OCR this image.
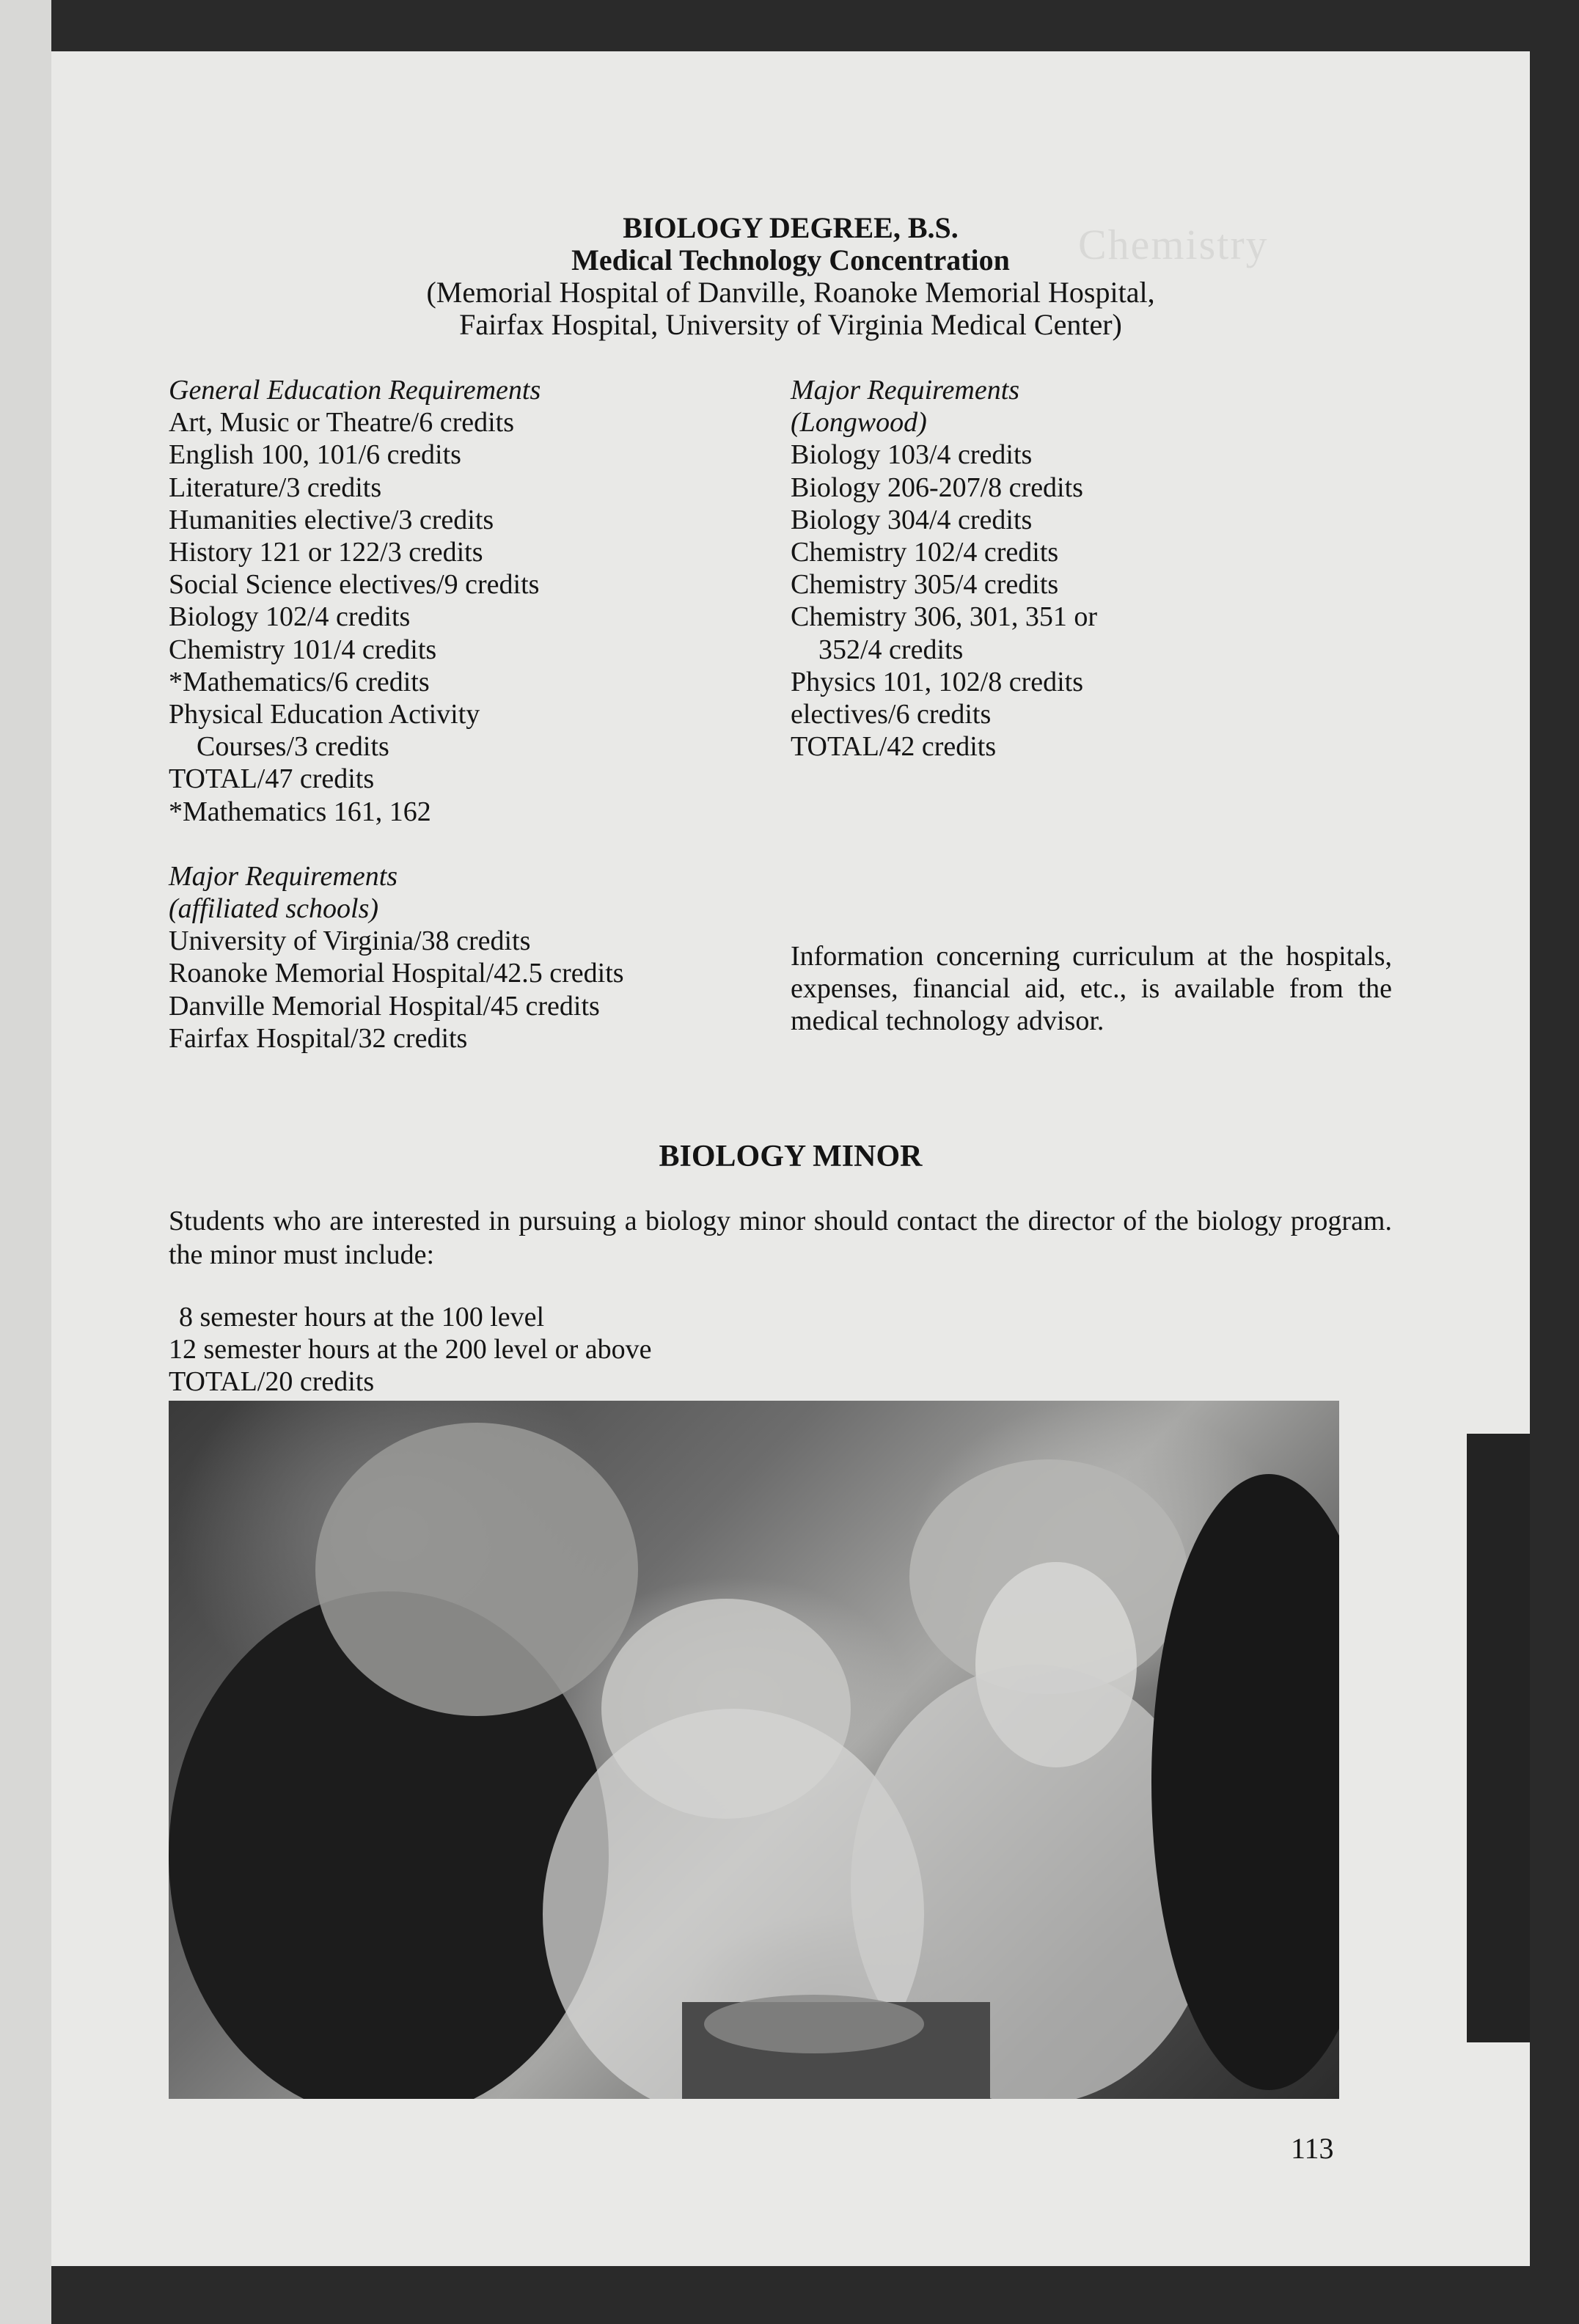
Chemistry
BIOLOGY DEGREE, B.S.
Medical Technology Concentration
(Memorial Hospital of Danville, Roanoke Memorial Hospital,
Fairfax Hospital, University of Virginia Medical Center)
General Education Requirements
Art, Music or Theatre/6 credits
English 100, 101/6 credits
Literature/3 credits
Humanities elective/3 credits
History 121 or 122/3 credits
Social Science electives/9 credits
Biology 102/4 credits
Chemistry 101/4 credits
*Mathematics/6 credits
Physical Education Activity
Courses/3 credits
TOTAL/47 credits
*Mathematics 161, 162
Major Requirements
(affiliated schools)
University of Virginia/38 credits
Roanoke Memorial Hospital/42.5 credits
Danville Memorial Hospital/45 credits
Fairfax Hospital/32 credits
Major Requirements
(Longwood)
Biology 103/4 credits
Biology 206-207/8 credits
Biology 304/4 credits
Chemistry 102/4 credits
Chemistry 305/4 credits
Chemistry 306, 301, 351 or
352/4 credits
Physics 101, 102/8 credits
electives/6 credits
TOTAL/42 credits
Information concerning curriculum at the hospitals, expenses, financial aid, etc., is available from the medical technology advisor.
BIOLOGY MINOR
Students who are interested in pursuing a biology minor should contact the director of the biology program. the minor must include:
8 semester hours at the 100 level
12 semester hours at the 200 level or above
TOTAL/20 credits
113
